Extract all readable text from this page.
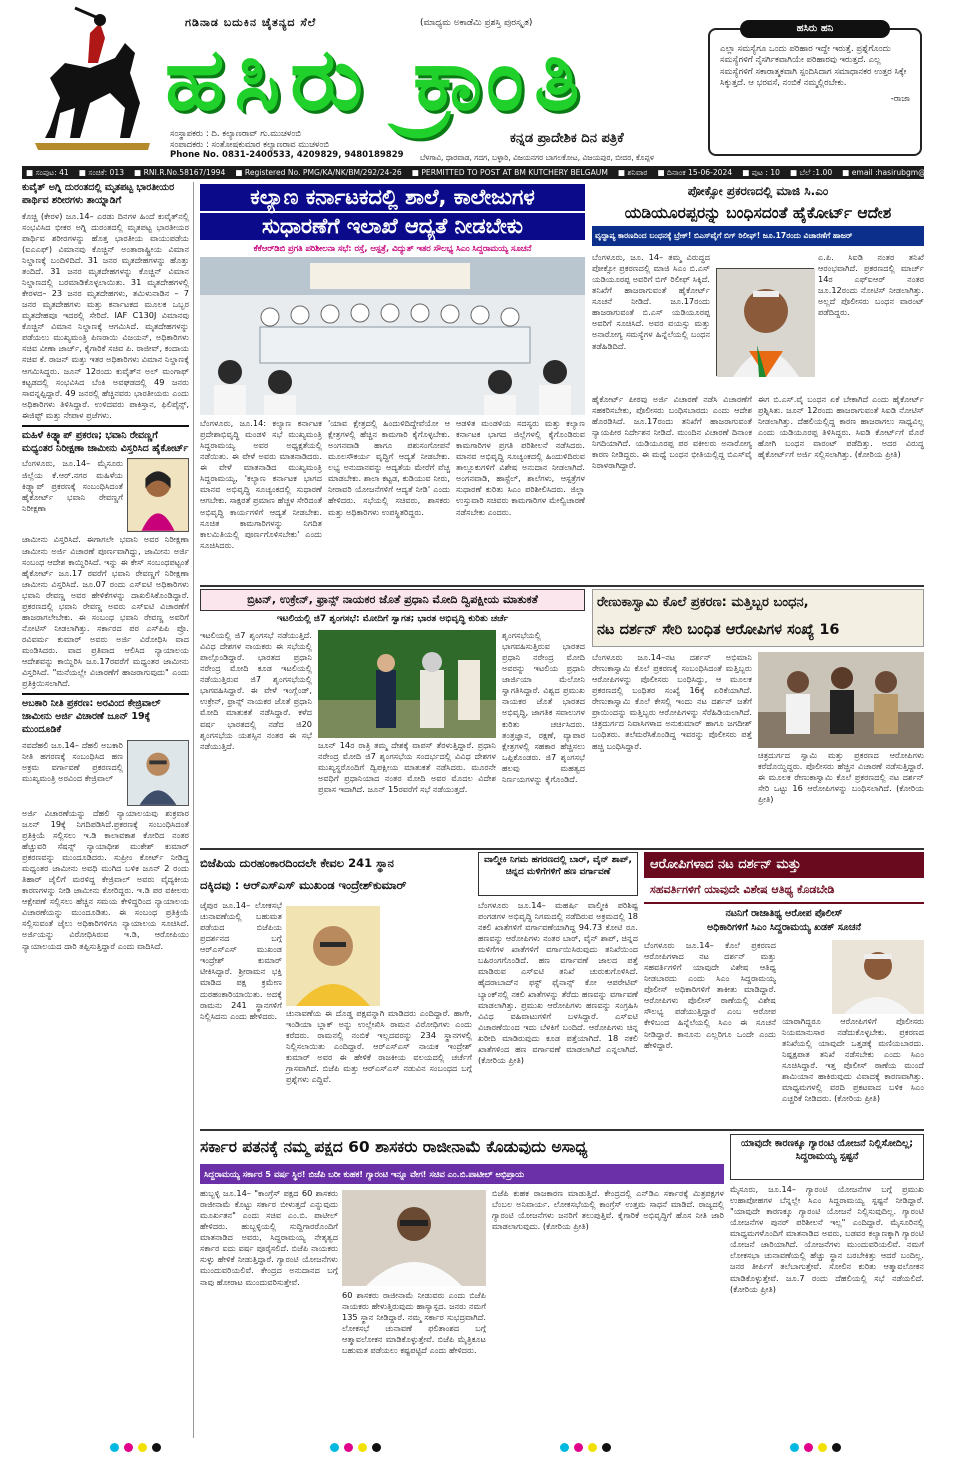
ಗಡಿನಾಡ ಬದುಕಿನ ಚೈತನ್ಯದ ಸೆಲೆ	(ಮಾಧ್ಯಮ ಅಕಾಡೆಮಿ ಪ್ರಶಸ್ತಿ ಪುರಸ್ಕೃತ)
ಹಸಿರು ಕ್ರಾಂತಿ
ಸಂಸ್ಥಾಪಕರು : ದಿ. ಕಲ್ಯಾಣರಾವ್ ಗು.ಮುಚಳಂಬಿ
ಸಂಪಾದಕರು : ಸಂತೋಷಕುಮಾರ ಕಲ್ಯಾಣರಾವ ಮುಚಳಂಬಿ
Phone No. 0831-2400533, 4209829, 9480189829
ಕನ್ನಡ ಪ್ರಾದೇಶಿಕ ದಿನ ಪತ್ರಿಕೆ
ಬೆಳಗಾವಿ, ಧಾರವಾಡ, ಗದಗ, ಬಳ್ಳಾರಿ, ವಿಜಯನಗರ ಬಾಗಲಕೋಟ, ವಿಜಯಪುರ, ಬೀದರ, ಕೊಪ್ಪಳ
ಹಸಿರು ಹನಿ
ಎಲ್ಲಾ ಸಮಸ್ಯೆಗೂ ಒಂದು ಪರಿಹಾರ ಇದ್ದೇ ಇರುತ್ತೆ. ಪ್ರಶ್ನೆಗೊಂದು ಸಮಸ್ಯೆಗಳಿಗೆ ನೈಸರ್ಗಿಕವಾಗಿಯೇ ಪರಿಹಾರವು ಇರುತ್ತದೆ. ಎಲ್ಲ ಸಮಸ್ಯೆಗಳಿಗೆ ಸಕಾರಾತ್ಮಕವಾಗಿ ಸ್ಪಂದಿಸಿದಾಗ ಸಮಾಧಾನಕರ ಉತ್ತರ ಸಿಕ್ಕೇ ಸಿಕ್ಕುತ್ತದೆ. ಆ ಭರವಸೆ, ನಂಬಿಕೆ ನಮ್ಮಲ್ಲಿರಬೇಕು.
-ರಾಜಾ
■ ಸಂಪುಟ: 41 ■ ಸಂಚಿಕೆ: 013 ■ RNI.R.No.58167/1994 ■ Registered No. PMG/KA/NK/BM/292/24-26 ■ PERMITTED TO POST AT BM KUTCHERY BELGAUM ■ ಶನಿವಾರ ■ ದಿನಾಂಕ 15-06-2024 ■ ಪುಟ : 10 ■ ಬೆಲೆ :1.00 ■ email :hasirubgm@gmail.com
ಕುವೈತ್ ಅಗ್ನಿ ದುರಂತದಲ್ಲಿ ಮೃತಪಟ್ಟ ಭಾರತೀಯರ ಪಾರ್ಥಿವ ಶರೀರಗಳು ತಾಯ್ನಾಡಿಗೆ
ಕೊಚ್ಚಿ (ಕೇರಳ) ಜೂ.14– ಎರಡು ದಿನಗಳ ಹಿಂದೆ ಕುವೈತ್‌ನಲ್ಲಿ ಸಂಭವಿಸಿದ ಭೀಕರ ಅಗ್ನಿ ದುರಂತದಲ್ಲಿ ಮೃತಪಟ್ಟ ಭಾರತೀಯರ ಪಾರ್ಥಿವ ಶರೀರಗಳನ್ನು ಹೊತ್ತ ಭಾರತೀಯ ವಾಯುಪಡೆಯ (ಐಎಎಫ್) ವಿಮಾನವು ಕೊಚ್ಚಿನ್ ಅಂತಾರಾಷ್ಟ್ರೀಯ ವಿಮಾನ ನಿಲ್ದಾಣಕ್ಕೆ ಬಂದಿಳಿದಿದೆ. 31 ಜನರ ಮೃತದೇಹಗಳನ್ನು ಹೊತ್ತು ತಂದಿದೆ. 31 ಜನರ ಮೃತದೇಹಗಳನ್ನು ಕೊಚ್ಚಿನ್ ವಿಮಾನ ನಿಲ್ದಾಣದಲ್ಲಿ ಬರಮಾಡಿಕೊಳ್ಳಲಾಯಿತು. 31 ಮೃತದೇಹಗಳಲ್ಲಿ ಕೇರಳದ– 23 ಜನರ ಮೃತದೇಹಗಳು, ತಮಿಳುನಾಡಿನ – 7 ಜನರ ಮೃತದೇಹಗಳು ಮತ್ತು ಕರ್ನಾಟಕದ ಮೂಲಕ ಒಬ್ಬರ ಮೃತದೇಹವೂ ಇದರಲ್ಲಿ ಸೇರಿದೆ. IAF C130J ವಿಮಾನವು ಕೊಚ್ಚಿನ್ ವಿಮಾನ ನಿಲ್ದಾಣಕ್ಕೆ ಆಗಮಿಸಿದೆ. ಮೃತದೇಹಗಳನ್ನು ಪಡೆಯಲು ಮುಖ್ಯಮಂತ್ರಿ ಪಿಣರಾಯಿ ವಿಜಯನ್, ಅಧಿಕಾರಿಗಳು ಸಚಿವ ವೀಣಾ ಜಾರ್ಜ್, ಕೈಗಾರಿಕೆ ಸಚಿವ ಪಿ. ರಾಜೀವ್, ಕಂದಾಯ ಸಚಿವ ಕೆ. ರಾಜನ್ ಮತ್ತು ಇತರ ಅಧಿಕಾರಿಗಳು ವಿಮಾನ ನಿಲ್ದಾಣಕ್ಕೆ ಆಗಮಿಸಿದ್ದರು. ಜೂನ್ 12ರಂದು ಕುವೈತ್‌ನ ಅಲ್ ಮಂಗಾಫ್ ಕಟ್ಟಡದಲ್ಲಿ ಸಂಭವಿಸಿದ ಬೆಂಕಿ ಅವಘಡದಲ್ಲಿ 49 ಜನರು ಸಾವನ್ನಪ್ಪಿದ್ದಾರೆ. 49 ಜನರಲ್ಲಿ ಹೆಚ್ಚಿನವರು ಭಾರತೀಯರು ಎಂದು ಅಧಿಕಾರಿಗಳು ತಿಳಿಸಿದ್ದಾರೆ. ಉಳಿದವರು ಪಾಕಿಸ್ತಾನ, ಫಿಲಿಪೈನ್ಸ್, ಈಜಿಪ್ಟ್ ಮತ್ತು ನೇಪಾಳ ಪ್ರಜೆಗಳು.
ಮಹಿಳೆ ಕಿಡ್ನ್ಯಾಪ್ ಪ್ರಕರಣ; ಭವಾನಿ ರೇವಣ್ಣಗೆ ಮಧ್ಯಂತರ ನಿರೀಕ್ಷಣಾ ಜಾಮೀನು ವಿಸ್ತರಿಸಿದ ಹೈಕೋರ್ಟ್
ಬೆಂಗಳೂರು, ಜೂ.14– ಮೈಸೂರು ಜಿಲ್ಲೆಯ ಕೆ.ಆರ್.ನಗರ ಮಹಿಳೆಯ ಕಿಡ್ನ್ಯಾಪ್ ಪ್ರಕರಣಕ್ಕೆ ಸಂಬಂಧಿಸಿದಂತೆ ಹೈಕೋರ್ಟ್ ಭವಾನಿ ರೇವಣ್ಣಗೆ ನಿರೀಕ್ಷಣಾ
ಜಾಮೀನು ವಿಸ್ತರಿಸಿದೆ. ಈಗಾಗಲೇ ಭವಾನಿ ಅವರ ನಿರೀಕ್ಷಣಾ ಜಾಮೀನು ಅರ್ಜಿ ವಿಚಾರಣೆ ಪೂರ್ಣವಾಗಿದ್ದು, ಜಾಮೀನು ಅರ್ಜಿ ಸಂಬಂಧ ಆದೇಶ ಕಾಯ್ದಿರಿಸಿದೆ. ಇನ್ನು ಈ ಕೇಸ್ ಸಂಬಂಧಪಟ್ಟಂತೆ ಹೈಕೋರ್ಟ್ ಜೂ.17 ರವರೆಗೆ ಭವಾನಿ ರೇವಣ್ಣಗೆ ನಿರೀಕ್ಷಣಾ ಜಾಮೀನು ವಿಸ್ತರಿಸಿದೆ. ಜೂ.07 ರಂದು ಎಸ್ಐಟಿ ಅಧಿಕಾರಿಗಳು ಭವಾನಿ ರೇವಣ್ಣ ಅವರ ಹೇಳಿಕೆಗಳನ್ನು ದಾಖಲಿಸಿಕೊಂಡಿದ್ದಾರೆ. ಪ್ರಕರಣದಲ್ಲಿ ಭವಾನಿ ರೇವಣ್ಣ ಅವರು ಎಸ್ಐಟಿ ವಿಚಾರಣೆಗೆ ಹಾಜರಾಗಲೇಬೇಕು. ಈ ಸಂಬಂಧ ಭವಾನಿ ರೇವಣ್ಣ ಅವರಿಗೆ ನೋಟಿಸ್ ನೀಡಲಾಗಿತ್ತು. ಸರ್ಕಾರದ ಪರ ಎಸ್‌ಪಿಪಿ ಪ್ರೊ. ರವಿವರ್ಮ ಕುಮಾರ್ ಅವರು ಅರ್ಜಿ ವಿರೋಧಿಸಿ ವಾದ ಮಂಡಿಸಿದರು. ವಾದ ಪ್ರತಿವಾದ ಆಲಿಸಿದ ನ್ಯಾಯಾಲಯ ಆದೇಶವನ್ನು ಕಾಯ್ದಿರಿಸಿ ಜೂ.17ರವರೆಗೆ ಮಧ್ಯಂತರ ಜಾಮೀನು ವಿಸ್ತರಿಸಿದೆ. "ಮನೆಯಲ್ಲೇ ವಿಚಾರಣೆಗೆ ಹಾಜರಾಗುವುದು" ಎಂದು ಪ್ರತಿಕ್ರಿಯಿಸಲಾಗಿದೆ.
ಅಬಕಾರಿ ನೀತಿ ಪ್ರಕರಣ: ಅರವಿಂದ ಕೇಜ್ರಿವಾಲ್ ಜಾಮೀನು ಅರ್ಜಿ ವಿಚಾರಣೆ ಜೂನ್ 19ಕ್ಕೆ ಮುಂದೂಡಿಕೆ
ನವದೆಹಲಿ ಜೂ.14– ದೆಹಲಿ ಅಬಕಾರಿ ನೀತಿ ಹಗರಣಕ್ಕೆ ಸಂಬಂಧಿಸಿದ ಹಣ ಅಕ್ರಮ ವರ್ಗಾವಣೆ ಪ್ರಕರಣದಲ್ಲಿ ಮುಖ್ಯಮಂತ್ರಿ ಅರವಿಂದ ಕೇಜ್ರಿವಾಲ್
ಅರ್ಜಿ ವಿಚಾರಣೆಯನ್ನು ದೆಹಲಿ ನ್ಯಾಯಾಲಯವು ಶುಕ್ರವಾರ ಜೂನ್ 19ಕ್ಕೆ ನಿಗದಿಪಡಿಸಿದೆ.ಪ್ರಕರಣಕ್ಕೆ ಸಂಬಂಧಿಸಿದಂತೆ ಪ್ರತಿಕ್ರಿಯೆ ಸಲ್ಲಿಸಲು ಇ.ಡಿ ಕಾಲಾವಕಾಶ ಕೋರಿದ ನಂತರ ಹೆಚ್ಚುವರಿ ಸೆಷನ್ಸ್ ನ್ಯಾಯಾಧೀಶ ಮುಕೇಶ್ ಕುಮಾರ್ ಪ್ರಕರಣವನ್ನು ಮುಂದೂಡಿದರು. ಸುಪ್ರೀಂ ಕೋರ್ಟ್ ನೀಡಿದ್ದ ಮಧ್ಯಂತರ ಜಾಮೀನು ಅವಧಿ ಮುಗಿದ ಬಳಿಕ ಜೂನ್ 2 ರಂದು ತಿಹಾರ್ ಜೈಲಿಗೆ ಮರಳಿದ್ದ ಕೇಜ್ರಿವಾಲ್ ಅವರು ವೈದ್ಯಕೀಯ ಕಾರಣಗಳನ್ನು ನೀಡಿ ಜಾಮೀನು ಕೋರಿದ್ದರು. ಇ.ಡಿ ಪರ ವಕೀಲರು ಆಕ್ಷೇಪಣೆ ಸಲ್ಲಿಸಲು ಹೆಚ್ಚಿನ ಸಮಯ ಕೇಳಿದ್ದರಿಂದ ನ್ಯಾಯಾಲಯ ವಿಚಾರಣೆಯನ್ನು ಮುಂದೂಡಿತು. ಈ ಸಂಬಂಧ ಪ್ರತಿಕ್ರಿಯೆ ಸಲ್ಲಿಸುವಂತೆ ಜೈಲು ಅಧಿಕಾರಿಗಳಿಗೂ ನ್ಯಾಯಾಲಯ ಸೂಚಿಸಿದೆ. ಅರ್ಜಿಯನ್ನು ವಿರೋಧಿಸಿರುವ ಇ.ಡಿ, ಆರೋಪಿಯು ನ್ಯಾಯಾಲಯದ ದಾರಿ ತಪ್ಪಿಸುತ್ತಿದ್ದಾರೆ ಎಂದು ವಾದಿಸಿದೆ.
ಕಲ್ಯಾಣ ಕರ್ನಾಟಕದಲ್ಲಿ ಶಾಲೆ, ಕಾಲೇಜುಗಳ
ಸುಧಾರಣೆಗೆ ಇಲಾಖೆ ಆದ್ಯತೆ ನೀಡಬೇಕು
ಕೆಕೆಆರ್‌ಡಿಬಿ ಪ್ರಗತಿ ಪರಿಶೀಲನಾ ಸಭೆ: ರಸ್ತೆ, ಆಸ್ಪತ್ರೆ, ವಿದ್ಯುತ್ ಇತರ ಸೌಲಭ್ಯ ಸಿಎಂ ಸಿದ್ದರಾಮಯ್ಯ ಸೂಚನೆ
ಬೆಂಗಳೂರು, ಜೂ.14: ಕಲ್ಯಾಣ ಕರ್ನಾಟಕ ಪ್ರದೇಶಾಭಿವೃದ್ಧಿ ಮಂಡಳಿ ಸಭೆ ಮುಖ್ಯಮಂತ್ರಿ ಸಿದ್ದರಾಮಯ್ಯ ಅವರ ಅಧ್ಯಕ್ಷತೆಯಲ್ಲಿ ನಡೆಯಿತು. ಈ ವೇಳೆ ಅವರು ಮಾತನಾಡಿದರು. ಈ ವೇಳೆ ಮಾತನಾಡಿದ ಮುಖ್ಯಮಂತ್ರಿ ಸಿದ್ದರಾಮಯ್ಯ, 'ಕಲ್ಯಾಣ ಕರ್ನಾಟಕ ಭಾಗದ ಮಾನವ ಅಭಿವೃದ್ಧಿ ಸೂಚ್ಯಂಕದಲ್ಲಿ ಸುಧಾರಣೆ ಆಗಬೇಕು. ಸಾಕ್ಷರತೆ ಪ್ರಮಾಣ ಹೆಚ್ಚಳ ಸೇರಿದಂತೆ ಅಭಿವೃದ್ಧಿ ಕಾರ್ಯಗಳಿಗೆ ಆದ್ಯತೆ ನೀಡಬೇಕು. ಸೂಚಿತ ಕಾಮಗಾರಿಗಳನ್ನು ನಿಗದಿತ ಕಾಲಮಿತಿಯಲ್ಲಿ ಪೂರ್ಣಗೊಳಿಸಬೇಕು' ಎಂದು ಸೂಚಿಸಿದರು.
'ಯಾವ ಕ್ಷೇತ್ರದಲ್ಲಿ ಹಿಂದುಳಿದಿದ್ದೇವೆಯೋ ಆ ಕ್ಷೇತ್ರಗಳಲ್ಲಿ ಹೆಚ್ಚಿನ ಕಾಮಗಾರಿ ಕೈಗೊಳ್ಳಬೇಕು. ಅಂಗನವಾಡಿ ಹಾಗೂ ಪಶುಸಂಗೋಪನೆ ಮೂಲಸೌಕರ್ಯ ವೃದ್ಧಿಗೆ ಆದ್ಯತೆ ನೀಡಬೇಕು. ಲಭ್ಯ ಅನುದಾನವನ್ನು ಆದ್ಯತೆಯ ಮೇರೆಗೆ ವೆಚ್ಚ ಮಾಡಬೇಕು. ಶಾಲಾ ಕಟ್ಟಡ, ಕುಡಿಯುವ ನೀರು, ನೀರಾವರಿ ಯೋಜನೆಗಳಿಗೆ ಆದ್ಯತೆ ನೀಡಿ' ಎಂದು ಹೇಳಿದರು. ಸಭೆಯಲ್ಲಿ ಸಚಿವರು, ಶಾಸಕರು ಮತ್ತು ಅಧಿಕಾರಿಗಳು ಉಪಸ್ಥಿತರಿದ್ದರು.
ಆಡಳಿತ ಮಂಡಳಿಯ ಸದಸ್ಯರು ಮತ್ತು ಕಲ್ಯಾಣ ಕರ್ನಾಟಕ ಭಾಗದ ಜಿಲ್ಲೆಗಳಲ್ಲಿ ಕೈಗೊಂಡಿರುವ ಕಾಮಗಾರಿಗಳ ಪ್ರಗತಿ ಪರಿಶೀಲನೆ ನಡೆಸಿದರು. ಮಾನವ ಅಭಿವೃದ್ಧಿ ಸೂಚ್ಯಂಕದಲ್ಲಿ ಹಿಂದುಳಿದಿರುವ ತಾಲ್ಲೂಕುಗಳಿಗೆ ವಿಶೇಷ ಅನುದಾನ ನೀಡಲಾಗಿದೆ. ಅಂಗನವಾಡಿ, ಹಾಸ್ಟೆಲ್, ಶಾಲೆಗಳು, ಆಸ್ಪತ್ರೆಗಳ ಸುಧಾರಣೆ ಕುರಿತು ಸಿಎಂ ಪರಿಶೀಲಿಸಿದರು. ಜಿಲ್ಲಾ ಉಸ್ತುವಾರಿ ಸಚಿವರು ಕಾಮಗಾರಿಗಳ ಮೇಲ್ವಿಚಾರಣೆ ನಡೆಸಬೇಕು ಎಂದರು.
ಪೋಕ್ಸೋ ಪ್ರಕರಣದಲ್ಲಿ ಮಾಜಿ ಸಿ.ಎಂ
ಯಡಿಯೂರಪ್ಪರನ್ನು ಬಂಧಿಸದಂತೆ ಹೈಕೋರ್ಟ್ ಆದೇಶ
ವೃದ್ಧಾಪ್ಯ ಕಾರಣದಿಂದ ಬಂಧನಕ್ಕೆ ಬ್ರೇಕ್! ಬಿಎಸ್‌ವೈಗೆ ಬಿಗ್ ರಿಲೀಫ್! ಜೂ.17ರಂದು ವಿಚಾರಣೆಗೆ ಹಾಜರ್
ಬೆಂಗಳೂರು, ಜೂ. 14– ತಮ್ಮ ವಿರುದ್ಧದ ಪೋಕ್ಸೋ ಪ್ರಕರಣದಲ್ಲಿ ಮಾಜಿ ಸಿಎಂ ಬಿ.ಎಸ್ ಯಡಿಯೂರಪ್ಪ ಅವರಿಗೆ ಬಿಗ್ ರಿಲೀಫ್ ಸಿಕ್ಕಿದೆ. ತನಿಖೆಗೆ ಹಾಜರಾಗುವಂತೆ ಹೈಕೋರ್ಟ್ ಸೂಚನೆ ನೀಡಿದೆ. ಜೂ.17ರಂದು ಹಾಜರಾಗುವಂತೆ ಬಿ.ಎಸ್ ಯಡಿಯೂರಪ್ಪ ಅವರಿಗೆ ಸೂಚಿಸಿದೆ. ಅವರ ವಯಸ್ಸು ಮತ್ತು ಅನಾರೋಗ್ಯ ಸಮಸ್ಯೆಗಳ ಹಿನ್ನೆಲೆಯಲ್ಲಿ ಬಂಧನ ತಡೆಹಿಡಿದಿದೆ.
ಎ.ಪಿ. ಸಿಐಡಿ ನಂತರ ತನಿಖೆ ಆರಂಭವಾಗಿದೆ. ಪ್ರಕರಣದಲ್ಲಿ ಮಾರ್ಚ್ 14ರ ಎಫ್‌ಐಆರ್ ನಂತರ ಜೂ.12ರಂದು ನೋಟಿಸ್ ನೀಡಲಾಗಿತ್ತು. ಅಲ್ಲದೆ ಪೊಲೀಸರು ಬಂಧನ ವಾರಂಟ್ ಪಡೆದಿದ್ದರು.
ಹೈಕೋರ್ಟ್ ಪೀಠವು ಅರ್ಜಿ ವಿಚಾರಣೆ ನಡೆಸಿ ವಿಚಾರಣೆಗೆ ಸಹಕರಿಸಬೇಕು, ಪೊಲೀಸರು ಬಂಧಿಸಬಾರದು ಎಂದು ಆದೇಶ ಹೊರಡಿಸಿದೆ. ಜೂ.17ರಂದು ತನಿಖೆಗೆ ಹಾಜರಾಗುವಂತೆ ನ್ಯಾಯಪೀಠ ನಿರ್ದೇಶನ ನೀಡಿದೆ. ಮುಂದಿನ ವಿಚಾರಣೆ ದಿನಾಂಕ ನಿಗದಿಯಾಗಿದೆ. ಯಡಿಯೂರಪ್ಪ ಪರ ವಕೀಲರು ಅನಾರೋಗ್ಯ ಕಾರಣ ನೀಡಿದ್ದರು. ಈ ಮಧ್ಯೆ ಬಂಧನ ಭೀತಿಯಲ್ಲಿದ್ದ ಬಿಎಸ್‌ವೈ ನಿರಾಳರಾಗಿದ್ದಾರೆ.
ಈಗ ಬಿ.ಎಸ್.ವೈ ಬಂಧನ ಏಕೆ ಬೇಕಾಗಿದೆ ಎಂದು ಹೈಕೋರ್ಟ್ ಪ್ರಶ್ನಿಸಿತು. ಜೂನ್ 12ರಂದು ಹಾಜರಾಗುವಂತೆ ಸಿಐಡಿ ನೋಟಿಸ್ ನೀಡಲಾಗಿತ್ತು. ದೆಹಲಿಯಲ್ಲಿದ್ದ ಕಾರಣ ಹಾಜರಾಗಲು ಸಾಧ್ಯವಿಲ್ಲ ಎಂದು ಯಡಿಯೂರಪ್ಪ ತಿಳಿಸಿದ್ದರು. ಸಿಐಡಿ ಕೋರ್ಟ್‌ಗೆ ಮೊರೆ ಹೋಗಿ ಬಂಧನ ವಾರಂಟ್ ಪಡೆದಿತ್ತು. ಅದರ ವಿರುದ್ಧ ಹೈಕೋರ್ಟ್‌ಗೆ ಅರ್ಜಿ ಸಲ್ಲಿಸಲಾಗಿತ್ತು. (ಕೋರಿಯ ಪ್ರೀತಿ)
ಬ್ರಿಟನ್, ಉಕ್ರೇನ್, ಫ್ರಾನ್ಸ್ ನಾಯಕರ ಜೊತೆ ಪ್ರಧಾನಿ ಮೋದಿ ದ್ವಿಪಕ್ಷೀಯ ಮಾತುಕತೆ
ಇಟಲಿಯಲ್ಲಿ ಜಿ7 ಶೃಂಗಸಭೆ: ಮೋದಿಗೆ ಸ್ವಾಗತ; ಭಾರತ ಅಭಿವೃದ್ಧಿ ಕುರಿತು ಚರ್ಚೆ
ಇಟಲಿಯಲ್ಲಿ ಜಿ7 ಶೃಂಗಸಭೆ ನಡೆಯುತ್ತಿದೆ. ವಿವಿಧ ದೇಶಗಳ ನಾಯಕರು ಈ ಸಭೆಯಲ್ಲಿ ಪಾಲ್ಗೊಂಡಿದ್ದಾರೆ. ಭಾರತದ ಪ್ರಧಾನಿ ನರೇಂದ್ರ ಮೋದಿ ಕೂಡ ಇಟಲಿಯಲ್ಲಿ ನಡೆಯುತ್ತಿರುವ ಜಿ7 ಶೃಂಗಸಭೆಯಲ್ಲಿ ಭಾಗವಹಿಸಿದ್ದಾರೆ. ಈ ವೇಳೆ ಇಂಗ್ಲೆಂಡ್, ಉಕ್ರೇನ್, ಫ್ರಾನ್ಸ್ ನಾಯಕರ ಜೊತೆ ಪ್ರಧಾನಿ ಮೋದಿ ಮಾತುಕತೆ ನಡೆಸಿದ್ದಾರೆ. ಕಳೆದ ವರ್ಷ ಭಾರತದಲ್ಲಿ ನಡೆದ ಜಿ20 ಶೃಂಗಸಭೆಯ ಯಶಸ್ಸಿನ ನಂತರ ಈ ಸಭೆ ನಡೆಯುತ್ತಿದೆ.	ಜೂನ್ 14ರ ರಾತ್ರಿ ತಮ್ಮ ದೇಶಕ್ಕೆ ವಾಪಸ್ ತೆರಳುತ್ತಿದ್ದಾರೆ. ಪ್ರಧಾನಿ ನರೇಂದ್ರ ಮೋದಿ ಜಿ7 ಶೃಂಗಸಭೆಯ ಸಂದರ್ಭದಲ್ಲಿ ವಿವಿಧ ದೇಶಗಳ ಮುಖ್ಯಸ್ಥರೊಂದಿಗೆ ದ್ವಿಪಕ್ಷೀಯ ಮಾತುಕತೆ ನಡೆಸಿದರು. ಮೂರನೇ ಅವಧಿಗೆ ಪ್ರಧಾನಿಯಾದ ನಂತರ ಮೋದಿ ಅವರ ಮೊದಲ ವಿದೇಶ ಪ್ರವಾಸ ಇದಾಗಿದೆ. ಜೂನ್ 15ರವರೆಗೆ ಸಭೆ ನಡೆಯುತ್ತದೆ.
ಶೃಂಗಸಭೆಯಲ್ಲಿ ಭಾಗವಹಿಸುತ್ತಿರುವ ಭಾರತದ ಪ್ರಧಾನಿ ನರೇಂದ್ರ ಮೋದಿ ಅವರನ್ನು ಇಟಲಿಯ ಪ್ರಧಾನಿ ಜಾರ್ಜಿಯಾ ಮೆಲೋನಿ ಸ್ವಾಗತಿಸಿದ್ದಾರೆ. ವಿಶ್ವದ ಪ್ರಮುಖ ನಾಯಕರ ಜೊತೆ ಭಾರತದ ಅಭಿವೃದ್ಧಿ, ಜಾಗತಿಕ ಸವಾಲುಗಳ ಕುರಿತು ಚರ್ಚಿಸಿದರು. ತಂತ್ರಜ್ಞಾನ, ರಕ್ಷಣೆ, ವ್ಯಾಪಾರ ಕ್ಷೇತ್ರಗಳಲ್ಲಿ ಸಹಕಾರ ಹೆಚ್ಚಿಸಲು ಒಪ್ಪಿಕೊಂಡರು. ಜಿ7 ಶೃಂಗಸಭೆ ಹಲವು ಮಹತ್ವದ ನಿರ್ಣಯಗಳನ್ನು ಕೈಗೊಂಡಿದೆ.
ರೇಣುಕಾಸ್ವಾಮಿ ಕೊಲೆ ಪ್ರಕರಣ: ಮತ್ತಿಬ್ಬರ ಬಂಧನ,
ನಟ ದರ್ಶನ್ ಸೇರಿ ಬಂಧಿತ ಆರೋಪಿಗಳ ಸಂಖ್ಯೆ 16
ಬೆಂಗಳೂರು ಜೂ.14–ನಟ ದರ್ಶನ್ ಅಭಿಮಾನಿ ರೇಣುಕಾಸ್ವಾಮಿ ಕೊಲೆ ಪ್ರಕರಣಕ್ಕೆ ಸಂಬಂಧಿಸಿದಂತೆ ಮತ್ತಿಬ್ಬರು ಆರೋಪಿಗಳನ್ನು ಪೊಲೀಸರು ಬಂಧಿಸಿದ್ದು, ಆ ಮೂಲಕ ಪ್ರಕರಣದಲ್ಲಿ ಬಂಧಿತರ ಸಂಖ್ಯೆ 16ಕ್ಕೆ ಏರಿಕೆಯಾಗಿದೆ. ರೇಣುಕಾಸ್ವಾಮಿ ಕೊಲೆ ಕೇಸಲ್ಲಿ ಇಂದು ನಟ ದರ್ಶನ್ ಜತೆಗೆ ಪ್ರಾಯಿಂದನ್ನು ಮತ್ತಿಬ್ಬರು ಆರೋಪಿಗಳನ್ನು ಸೆರೆಹಿಡಿಯಲಾಗಿದೆ. ಚಿತ್ರದುರ್ಗದ ನಿವಾಸಿಗಳಾದ ಅನುಕುಮಾರ್ ಹಾಗೂ ಜಗದೀಶ್ ಬಂಧಿತರು. ತಲೆಮರೆಸಿಕೊಂಡಿದ್ದ ಇವರನ್ನು ಪೊಲೀಸರು ಪತ್ತೆ ಹಚ್ಚಿ ಬಂಧಿಸಿದ್ದಾರೆ.
ಚಿತ್ರದುರ್ಗದ ಸ್ವಾಮಿ ಮತ್ತು ಪ್ರಕರಣದ ಆರೋಪಿಗಳು ಕರೆದೊಯ್ದಿದ್ದರು. ಪೊಲೀಸರು ಹೆಚ್ಚಿನ ವಿಚಾರಣೆ ನಡೆಸುತ್ತಿದ್ದಾರೆ. ಈ ಮೂಲಕ ರೇಣುಕಾಸ್ವಾಮಿ ಕೊಲೆ ಪ್ರಕರಣದಲ್ಲಿ ನಟ ದರ್ಶನ್ ಸೇರಿ ಒಟ್ಟು 16 ಆರೋಪಿಗಳನ್ನು ಬಂಧಿಸಲಾಗಿದೆ. (ಕೋರಿಯ ಪ್ರೀತಿ)
ಬಿಜೆಪಿಯ ದುರಹಂಕಾರದಿಂದಲೇ ಕೇವಲ 241 ಸ್ಥಾನ
ದಕ್ಕಿದವು : ಆರ್‌ಎಸ್‌ಎಸ್ ಮುಖಂಡ ಇಂದ್ರೇಶ್‌ಕುಮಾರ್
ಜೈಪುರ ಜೂ.14– ಲೋಕಸಭೆ ಚುನಾವಣೆಯಲ್ಲಿ ಬಹುಮತ ಪಡೆಯದ ಬಿಜೆಪಿಯ ಪ್ರದರ್ಶನದ ಬಗ್ಗೆ ಆರ್‌ಎಸ್‌ಎಸ್ ಮುಖಂಡ ಇಂದ್ರೇಶ್ ಕುಮಾರ್ ಟೀಕಿಸಿದ್ದಾರೆ. ಶ್ರೀರಾಮನ ಭಕ್ತಿ ಮಾಡಿದ ಪಕ್ಷ ಕ್ರಮೇಣ ದುರಹಂಕಾರಿಯಾಯಿತು. ಅದಕ್ಕೆ ರಾಮನು 241 ಸ್ಥಾನಗಳಿಗೆ ನಿಲ್ಲಿಸಿದನು ಎಂದು ಹೇಳಿದರು.	ಚುನಾವಣೆಯ ಈ ದೊಡ್ಡ ಪಕ್ಷವನ್ನಾಗಿ ಮಾಡಿದರು ಎಂದಿದ್ದಾರೆ. ಹಾಗೇ, ಇಂಡಿಯಾ ಬ್ಲಾಕ್ ಅನ್ನು ಉಲ್ಲೇಖಿಸಿ ರಾಮನ ವಿರೋಧಿಗಳು ಎಂದು ಕರೆದರು. ರಾಮನಲ್ಲಿ ನಂಬಿಕೆ ಇಲ್ಲದವರನ್ನು 234 ಸ್ಥಾನಗಳಲ್ಲಿ ನಿಲ್ಲಿಸಲಾಯಿತು ಎಂದಿದ್ದಾರೆ. ಆರ್‌ಎಸ್‌ಎಸ್ ನಾಯಕ ಇಂದ್ರೇಶ್ ಕುಮಾರ್ ಅವರ ಈ ಹೇಳಿಕೆ ರಾಜಕೀಯ ವಲಯದಲ್ಲಿ ಚರ್ಚೆಗೆ ಗ್ರಾಸವಾಗಿದೆ. ಬಿಜೆಪಿ ಮತ್ತು ಆರ್‌ಎಸ್‌ಎಸ್ ನಡುವಿನ ಸಂಬಂಧದ ಬಗ್ಗೆ ಪ್ರಶ್ನೆಗಳು ಎದ್ದಿವೆ.
ವಾಲ್ಮೀಕಿ ನಿಗಮ ಹಗರಣದಲ್ಲಿ ಬಾರ್, ವೈನ್ ಶಾಪ್, ಚಿನ್ನದ ಮಳಿಗೆಗಳಿಗೆ ಹಣ ವರ್ಗಾವಣೆ
ಬೆಂಗಳೂರು ಜೂ.14– ಮಹರ್ಷಿ ವಾಲ್ಮೀಕಿ ಪರಿಶಿಷ್ಟ ಪಂಗಡಗಳ ಅಭಿವೃದ್ಧಿ ನಿಗಮದಲ್ಲಿ ನಡೆದಿರುವ ಅಕ್ರಮದಲ್ಲಿ 18 ನಕಲಿ ಖಾತೆಗಳಿಗೆ ವರ್ಗಾವಣೆಯಾಗಿದ್ದ 94.73 ಕೋಟಿ ರೂ. ಹಣವನ್ನು ಆರೋಪಿಗಳು ನಂತರ ಬಾರ್, ವೈನ್ ಶಾಪ್, ಚಿನ್ನದ ಮಳಿಗೆಗಳ ಖಾತೆಗಳಿಗೆ ವರ್ಗಾಯಿಸಿರುವುದು ತನಿಖೆಯಿಂದ ಬಹಿರಂಗಗೊಂಡಿದೆ. ಹಣ ವರ್ಗಾವಣೆ ಜಾಲದ ಪತ್ತೆ ಮಾಡಿರುವ ಎಸ್‌ಐಟಿ ತನಿಖೆ ಚುರುಕುಗೊಳಿಸಿದೆ. ಹೈದರಾಬಾದ್‌ನ ಫಸ್ಟ್ ಫೈನಾನ್ಸ್ ಕೋ ಆಪರೇಟಿವ್ ಬ್ಯಾಂಕ್‌ನಲ್ಲಿ ನಕಲಿ ಖಾತೆಗಳನ್ನು ತೆರೆದು ಹಣವನ್ನು ವರ್ಗಾವಣೆ ಮಾಡಲಾಗಿತ್ತು. ಪ್ರಮುಖ ಆರೋಪಿಗಳು ಹಣವನ್ನು ಸಂಗ್ರಹಿಸಿ ವಿವಿಧ ವಹಿವಾಟುಗಳಿಗೆ ಬಳಸಿದ್ದಾರೆ. ಎಸ್‌ಐಟಿ ವಿಚಾರಣೆಯಿಂದ ಇದು ಬೆಳಕಿಗೆ ಬಂದಿದೆ. ಆರೋಪಿಗಳು ಚಿನ್ನ ಖರೀದಿ ಮಾಡಿರುವುದು ಕೂಡ ಪತ್ತೆಯಾಗಿದೆ. 18 ನಕಲಿ ಖಾತೆಗಳಿಂದ ಹಣ ವರ್ಗಾವಣೆ ಮಾಡಲಾಗಿದೆ ಎನ್ನಲಾಗಿದೆ. (ಕೋರಿಯ ಪ್ರೀತಿ)
ಆರೋಪಿಗಳಾದ ನಟ ದರ್ಶನ್ ಮತ್ತು
ಸಹವರ್ತಿಗಳಿಗೆ ಯಾವುದೇ ವಿಶೇಷ ಆತಿಥ್ಯ ಕೊಡಬೇಡಿ
ನಟನಿಗೆ ರಾಜಾತಿಥ್ಯ ಆರೋಪ ಪೊಲೀಸ್
ಅಧಿಕಾರಿಗಳಿಗೆ ಸಿಎಂ ಸಿದ್ದರಾಮಯ್ಯ ಖಡಕ್ ಸೂಚನೆ
ಬೆಂಗಳೂರು ಜೂ.14– ಕೊಲೆ ಪ್ರಕರಣದ ಆರೋಪಿಗಳಾದ ನಟ ದರ್ಶನ್ ಮತ್ತು ಸಹವರ್ತಿಗಳಿಗೆ ಯಾವುದೇ ವಿಶೇಷ ಆತಿಥ್ಯ ನೀಡಬಾರದು ಎಂದು ಸಿಎಂ ಸಿದ್ದರಾಮಯ್ಯ ಪೊಲೀಸ್ ಅಧಿಕಾರಿಗಳಿಗೆ ತಾಕೀತು ಮಾಡಿದ್ದಾರೆ. ಆರೋಪಿಗಳು ಪೊಲೀಸ್ ಠಾಣೆಯಲ್ಲಿ ವಿಶೇಷ ಸೌಲಭ್ಯ ಪಡೆಯುತ್ತಿದ್ದಾರೆ ಎಂಬ ಆರೋಪ ಕೇಳಿಬಂದ ಹಿನ್ನೆಲೆಯಲ್ಲಿ ಸಿಎಂ ಈ ಸೂಚನೆ ನೀಡಿದ್ದಾರೆ. ಕಾನೂನು ಎಲ್ಲರಿಗೂ ಒಂದೇ ಎಂದು ಹೇಳಿದ್ದಾರೆ.
ಯಾರಾಗಿದ್ದರೂ ಆರೋಪಿಗಳಿಗೆ ಪೊಲೀಸರು ನಿಯಮಾನುಸಾರ ನಡೆದುಕೊಳ್ಳಬೇಕು. ಪ್ರಕರಣದ ತನಿಖೆಯಲ್ಲಿ ಯಾವುದೇ ಒತ್ತಡಕ್ಕೆ ಮಣಿಯಬಾರದು. ನಿಷ್ಪಕ್ಷಪಾತ ತನಿಖೆ ನಡೆಸಬೇಕು ಎಂದು ಸಿಎಂ ಸೂಚಿಸಿದ್ದಾರೆ. ಇತ್ತ ಪೊಲೀಸ್ ಠಾಣೆಯ ಮುಂದೆ ಶಾಮಿಯಾನ ಹಾಕಿರುವುದು ವಿವಾದಕ್ಕೆ ಕಾರಣವಾಗಿತ್ತು. ಮಾಧ್ಯಮಗಳಲ್ಲಿ ವರದಿ ಪ್ರಕಟವಾದ ಬಳಿಕ ಸಿಎಂ ಎಚ್ಚರಿಕೆ ನೀಡಿದರು. (ಕೋರಿಯ ಪ್ರೀತಿ)
ಸರ್ಕಾರ ಪತನಕ್ಕೆ ನಮ್ಮ ಪಕ್ಷದ 60 ಶಾಸಕರು ರಾಜೀನಾಮೆ ಕೊಡುವುದು ಅಸಾಧ್ಯ
ಸಿದ್ದರಾಮಯ್ಯ ಸರ್ಕಾರ 5 ವರ್ಷ ಸ್ಥಿರ! ಬಿಜೆಪಿ ಬರೀ ಕುಹಕ! ಗ್ಯಾರಂಟಿ ಇನ್ನೂ ವೇಗ! ಸಚಿವ ಎಂ.ಬಿ.ಪಾಟೀಲ್ ಅಭಿಪ್ರಾಯ
ಹುಬ್ಬಳ್ಳಿ ಜೂ.14– "ಕಾಂಗ್ರೆಸ್ ಪಕ್ಷದ 60 ಶಾಸಕರು ರಾಜೀನಾಮೆ ಕೊಟ್ಟು ಸರ್ಕಾರ ಬೀಳುತ್ತದೆ ಎನ್ನುವುದು ಮೂರ್ಖತನ" ಎಂದು ಸಚಿವ ಎಂ.ಬಿ. ಪಾಟೀಲ್ ಹೇಳಿದರು. ಹುಬ್ಬಳ್ಳಿಯಲ್ಲಿ ಸುದ್ದಿಗಾರರೊಂದಿಗೆ ಮಾತನಾಡಿದ ಅವರು, ಸಿದ್ದರಾಮಯ್ಯ ನೇತೃತ್ವದ ಸರ್ಕಾರ ಐದು ವರ್ಷ ಪೂರೈಸಲಿದೆ. ಬಿಜೆಪಿ ನಾಯಕರು ಸುಳ್ಳು ಹೇಳಿಕೆ ನೀಡುತ್ತಿದ್ದಾರೆ. ಗ್ಯಾರಂಟಿ ಯೋಜನೆಗಳು ಮುಂದುವರಿಯಲಿವೆ. ಕೇಂದ್ರದ ಅನುದಾನದ ಬಗ್ಗೆ ನಾವು ಹೋರಾಟ ಮುಂದುವರಿಸುತ್ತೇವೆ.
60 ಶಾಸಕರು ರಾಜೀನಾಮೆ ನೀಡುವರು ಎಂದು ಬಿಜೆಪಿ ನಾಯಕರು ಹೇಳುತ್ತಿರುವುದು ಹಾಸ್ಯಾಸ್ಪದ. ಜನರು ನಮಗೆ 135 ಸ್ಥಾನ ನೀಡಿದ್ದಾರೆ. ನಮ್ಮ ಸರ್ಕಾರ ಸುಭದ್ರವಾಗಿದೆ. ಲೋಕಸಭೆ ಚುನಾವಣೆ ಫಲಿತಾಂಶದ ಬಗ್ಗೆ ಆತ್ಮಾವಲೋಕನ ಮಾಡಿಕೊಳ್ಳುತ್ತೇವೆ. ಬಿಜೆಪಿ ಮೈತ್ರಿಕೂಟ ಬಹುಮತ ಪಡೆಯಲು ಕಷ್ಟಪಟ್ಟಿದೆ ಎಂದು ಹೇಳಿದರು.
ಬಿಜೆಪಿ ಕುಹಕ ರಾಜಕಾರಣ ಮಾಡುತ್ತಿದೆ. ಕೇಂದ್ರದಲ್ಲಿ ಎನ್‌ಡಿಎ ಸರ್ಕಾರಕ್ಕೆ ಮಿತ್ರಪಕ್ಷಗಳ ಬೆಂಬಲ ಅನಿವಾರ್ಯ. ಲೋಕಸಭೆಯಲ್ಲಿ ಕಾಂಗ್ರೆಸ್ ಉತ್ತಮ ಸಾಧನೆ ಮಾಡಿದೆ. ರಾಜ್ಯದಲ್ಲಿ ಗ್ಯಾರಂಟಿ ಯೋಜನೆಗಳು ಜನರಿಗೆ ತಲುಪುತ್ತಿವೆ. ಕೈಗಾರಿಕೆ ಅಭಿವೃದ್ಧಿಗೆ ಹೊಸ ನೀತಿ ಜಾರಿ ಮಾಡಲಾಗುವುದು. (ಕೋರಿಯ ಪ್ರೀತಿ)
ಯಾವುದೇ ಕಾರಣಕ್ಕೂ ಗ್ಯಾರಂಟಿ ಯೋಜನೆ ನಿಲ್ಲಿಸೋದಿಲ್ಲ; ಸಿದ್ದರಾಮಯ್ಯ ಸ್ಪಷ್ಟನೆ
ಮೈಸೂರು, ಜೂ.14– ಗ್ಯಾರಂಟಿ ಯೋಜನೆಗಳ ಬಗ್ಗೆ ಪ್ರಮುಖ ಉಹಾಪೋಹಗಳ ಬೆನ್ನಲ್ಲೇ ಸಿಎಂ ಸಿದ್ದರಾಮಯ್ಯ ಸ್ಪಷ್ಟನೆ ನೀಡಿದ್ದಾರೆ. "ಯಾವುದೇ ಕಾರಣಕ್ಕೂ ಗ್ಯಾರಂಟಿ ಯೋಜನೆ ನಿಲ್ಲಿಸುವುದಿಲ್ಲ. ಗ್ಯಾರಂಟಿ ಯೋಜನೆಗಳ ಪುನರ್ ಪರಿಶೀಲನೆ ಇಲ್ಲ" ಎಂದಿದ್ದಾರೆ. ಮೈಸೂರಿನಲ್ಲಿ ಮಾಧ್ಯಮಗಳೊಂದಿಗೆ ಮಾತನಾಡಿದ ಅವರು, ಬಡವರ ಕಲ್ಯಾಣಕ್ಕಾಗಿ ಗ್ಯಾರಂಟಿ ಯೋಜನೆ ಜಾರಿಯಾಗಿದೆ. ಯೋಜನೆಗಳು ಮುಂದುವರಿಯಲಿವೆ. ನಮಗೆ ಲೋಕಸಭಾ ಚುನಾವಣೆಯಲ್ಲಿ ಹೆಚ್ಚು ಸ್ಥಾನ ಬರಬೇಕಿತ್ತು ಆದರೆ ಬಂದಿಲ್ಲ. ಜನರ ತೀರ್ಪಿಗೆ ತಲೆಬಾಗುತ್ತೇವೆ. ಸೋಲಿನ ಕುರಿತು ಆತ್ಮಾವಲೋಕನ ಮಾಡಿಕೊಳ್ಳುತ್ತೇವೆ. ಜೂ.7 ರಂದು ದೆಹಲಿಯಲ್ಲಿ ಸಭೆ ನಡೆಯಲಿದೆ. (ಕೋರಿಯ ಪ್ರೀತಿ)
